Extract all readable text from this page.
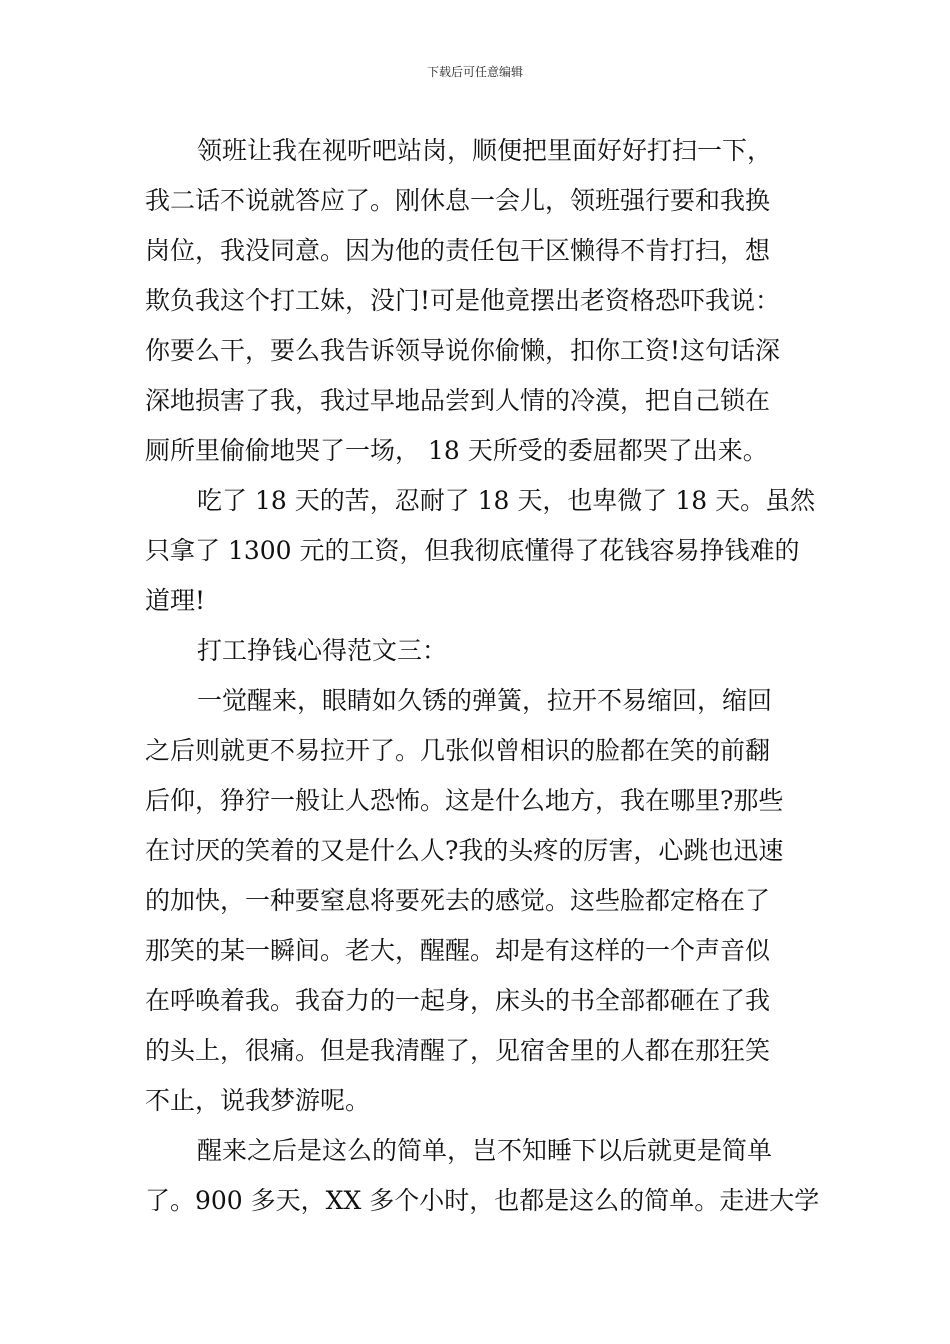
下载后可任意编辑
领班让我在视听吧站岗，顺便把里面好好打扫一下，
我二话不说就答应了。刚休息一会儿，领班强行要和我换
岗位，我没同意。因为他的责任包干区懒得不肯打扫，想
欺负我这个打工妹，没门!可是他竟摆出老资格恐吓我说：
你要么干，要么我告诉领导说你偷懒，扣你工资!这句话深
深地损害了我，我过早地品尝到人情的冷漠，把自己锁在
厕所里偷偷地哭了一场， 18 天所受的委屈都哭了出来。
吃了 18 天的苦，忍耐了 18 天，也卑微了 18 天。虽然
只拿了 1300 元的工资，但我彻底懂得了花钱容易挣钱难的
道理!
打工挣钱心得范文三：
一觉醒来，眼睛如久锈的弹簧，拉开不易缩回，缩回
之后则就更不易拉开了。几张似曾相识的脸都在笑的前翻
后仰，狰狞一般让人恐怖。这是什么地方，我在哪里?那些
在讨厌的笑着的又是什么人?我的头疼的厉害，心跳也迅速
的加快，一种要窒息将要死去的感觉。这些脸都定格在了
那笑的某一瞬间。老大，醒醒。却是有这样的一个声音似
在呼唤着我。我奋力的一起身，床头的书全部都砸在了我
的头上，很痛。但是我清醒了，见宿舍里的人都在那狂笑
不止，说我梦游呢。
醒来之后是这么的简单，岂不知睡下以后就更是简单
了。900 多天，XX 多个小时，也都是这么的简单。走进大学
